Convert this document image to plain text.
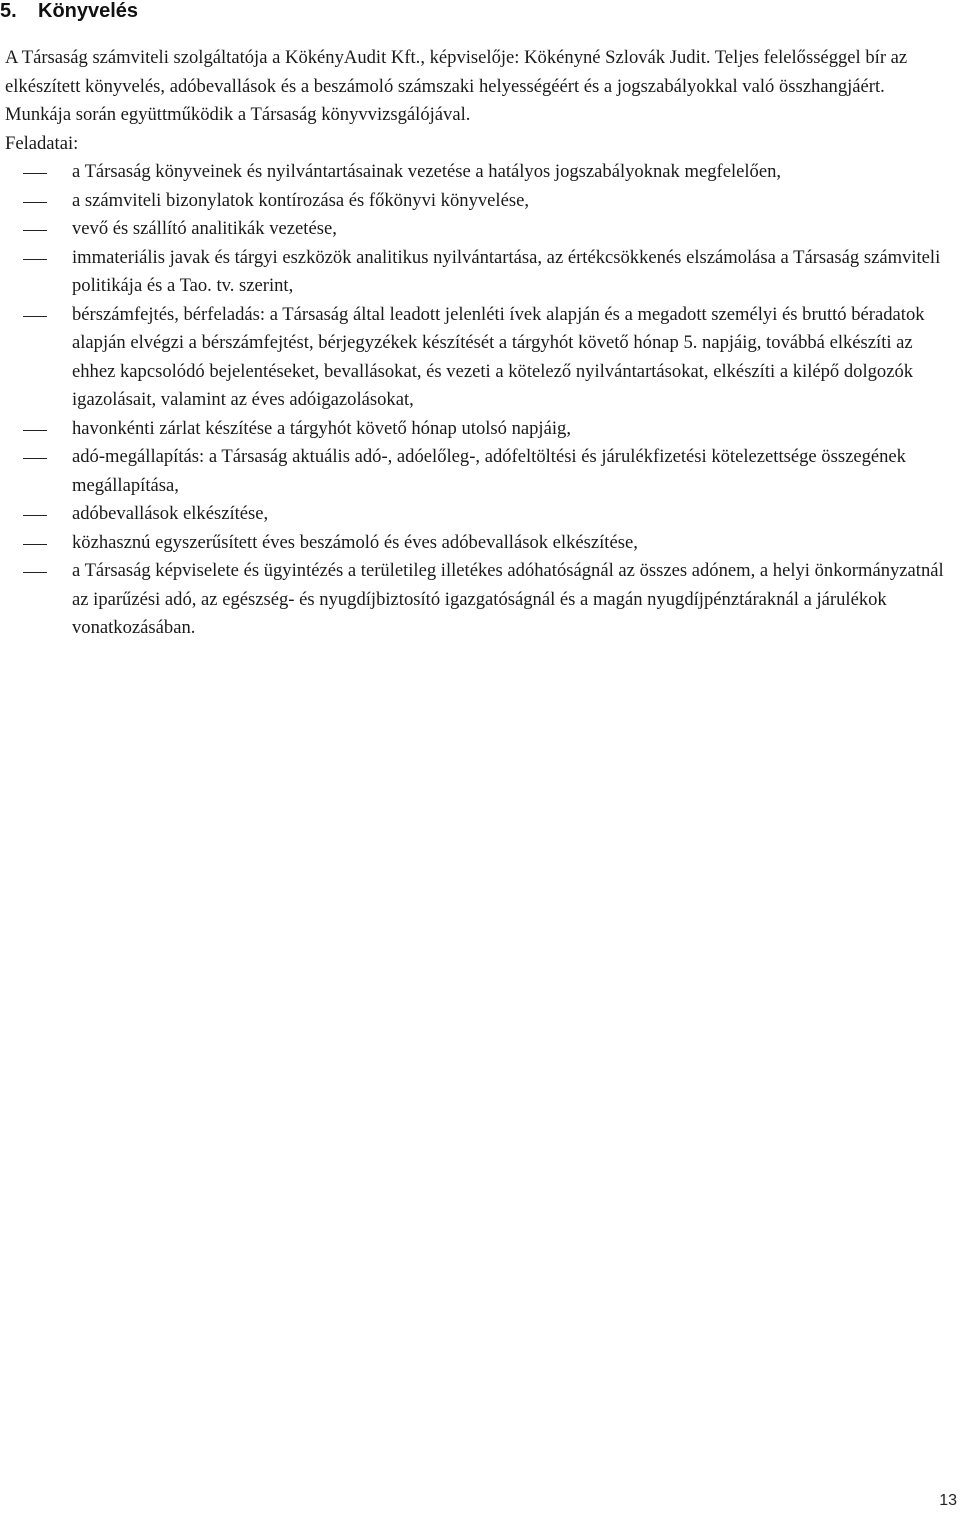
5. Könyvelés

A Társaság számviteli szolgáltatója a KökényAudit Kft., képviselője: Kökényné Szlovák Judit. Teljes felelősséggel bír az elkészített könyvelés, adóbevallások és a beszámoló számszaki helyességéért és a jogszabályokkal való összhangjáért. Munkája során együttműködik a Társaság könyvvizsgálójával.

Feladatai:

a Társaság könyveinek és nyilvántartásainak vezetése a hatályos jogszabályoknak megfelelően,
a számviteli bizonylatok kontírozása és főkönyvi könyvelése,
vevő és szállító analitikák vezetése,
immateriális javak és tárgyi eszközök analitikus nyilvántartása, az értékcsökkenés elszámolása a Társaság számviteli politikája és a Tao. tv. szerint,
bérszámfejtés, bérfeladás: a Társaság által leadott jelenléti ívek alapján és a megadott személyi és bruttó béradatok alapján elvégzi a bérszámfejtést, bérjegyzékek készítését a tárgyhót követő hónap 5. napjáig, továbbá elkészíti az ehhez kapcsolódó bejelentéseket, bevallásokat, és vezeti a kötelező nyilvántartásokat, elkészíti a kilépő dolgozók igazolásait, valamint az éves adóigazolásokat,
havonkénti zárlat készítése a tárgyhót követő hónap utolsó napjáig,
adó-megállapítás: a Társaság aktuális adó-, adóelőleg-, adófeltöltési és járulékfizetési kötelezettsége összegének megállapítása,
adóbevallások elkészítése,
közhasznú egyszerűsített éves beszámoló és éves adóbevallások elkészítése,
a Társaság képviselete és ügyintézés a területileg illetékes adóhatóságnál az összes adónem, a helyi önkormányzatnál az iparűzési adó, az egészség- és nyugdíjbiztosító igazgatóságnál és a magán nyugdíjpénztáraknál a járulékok vonatkozásában.
13
